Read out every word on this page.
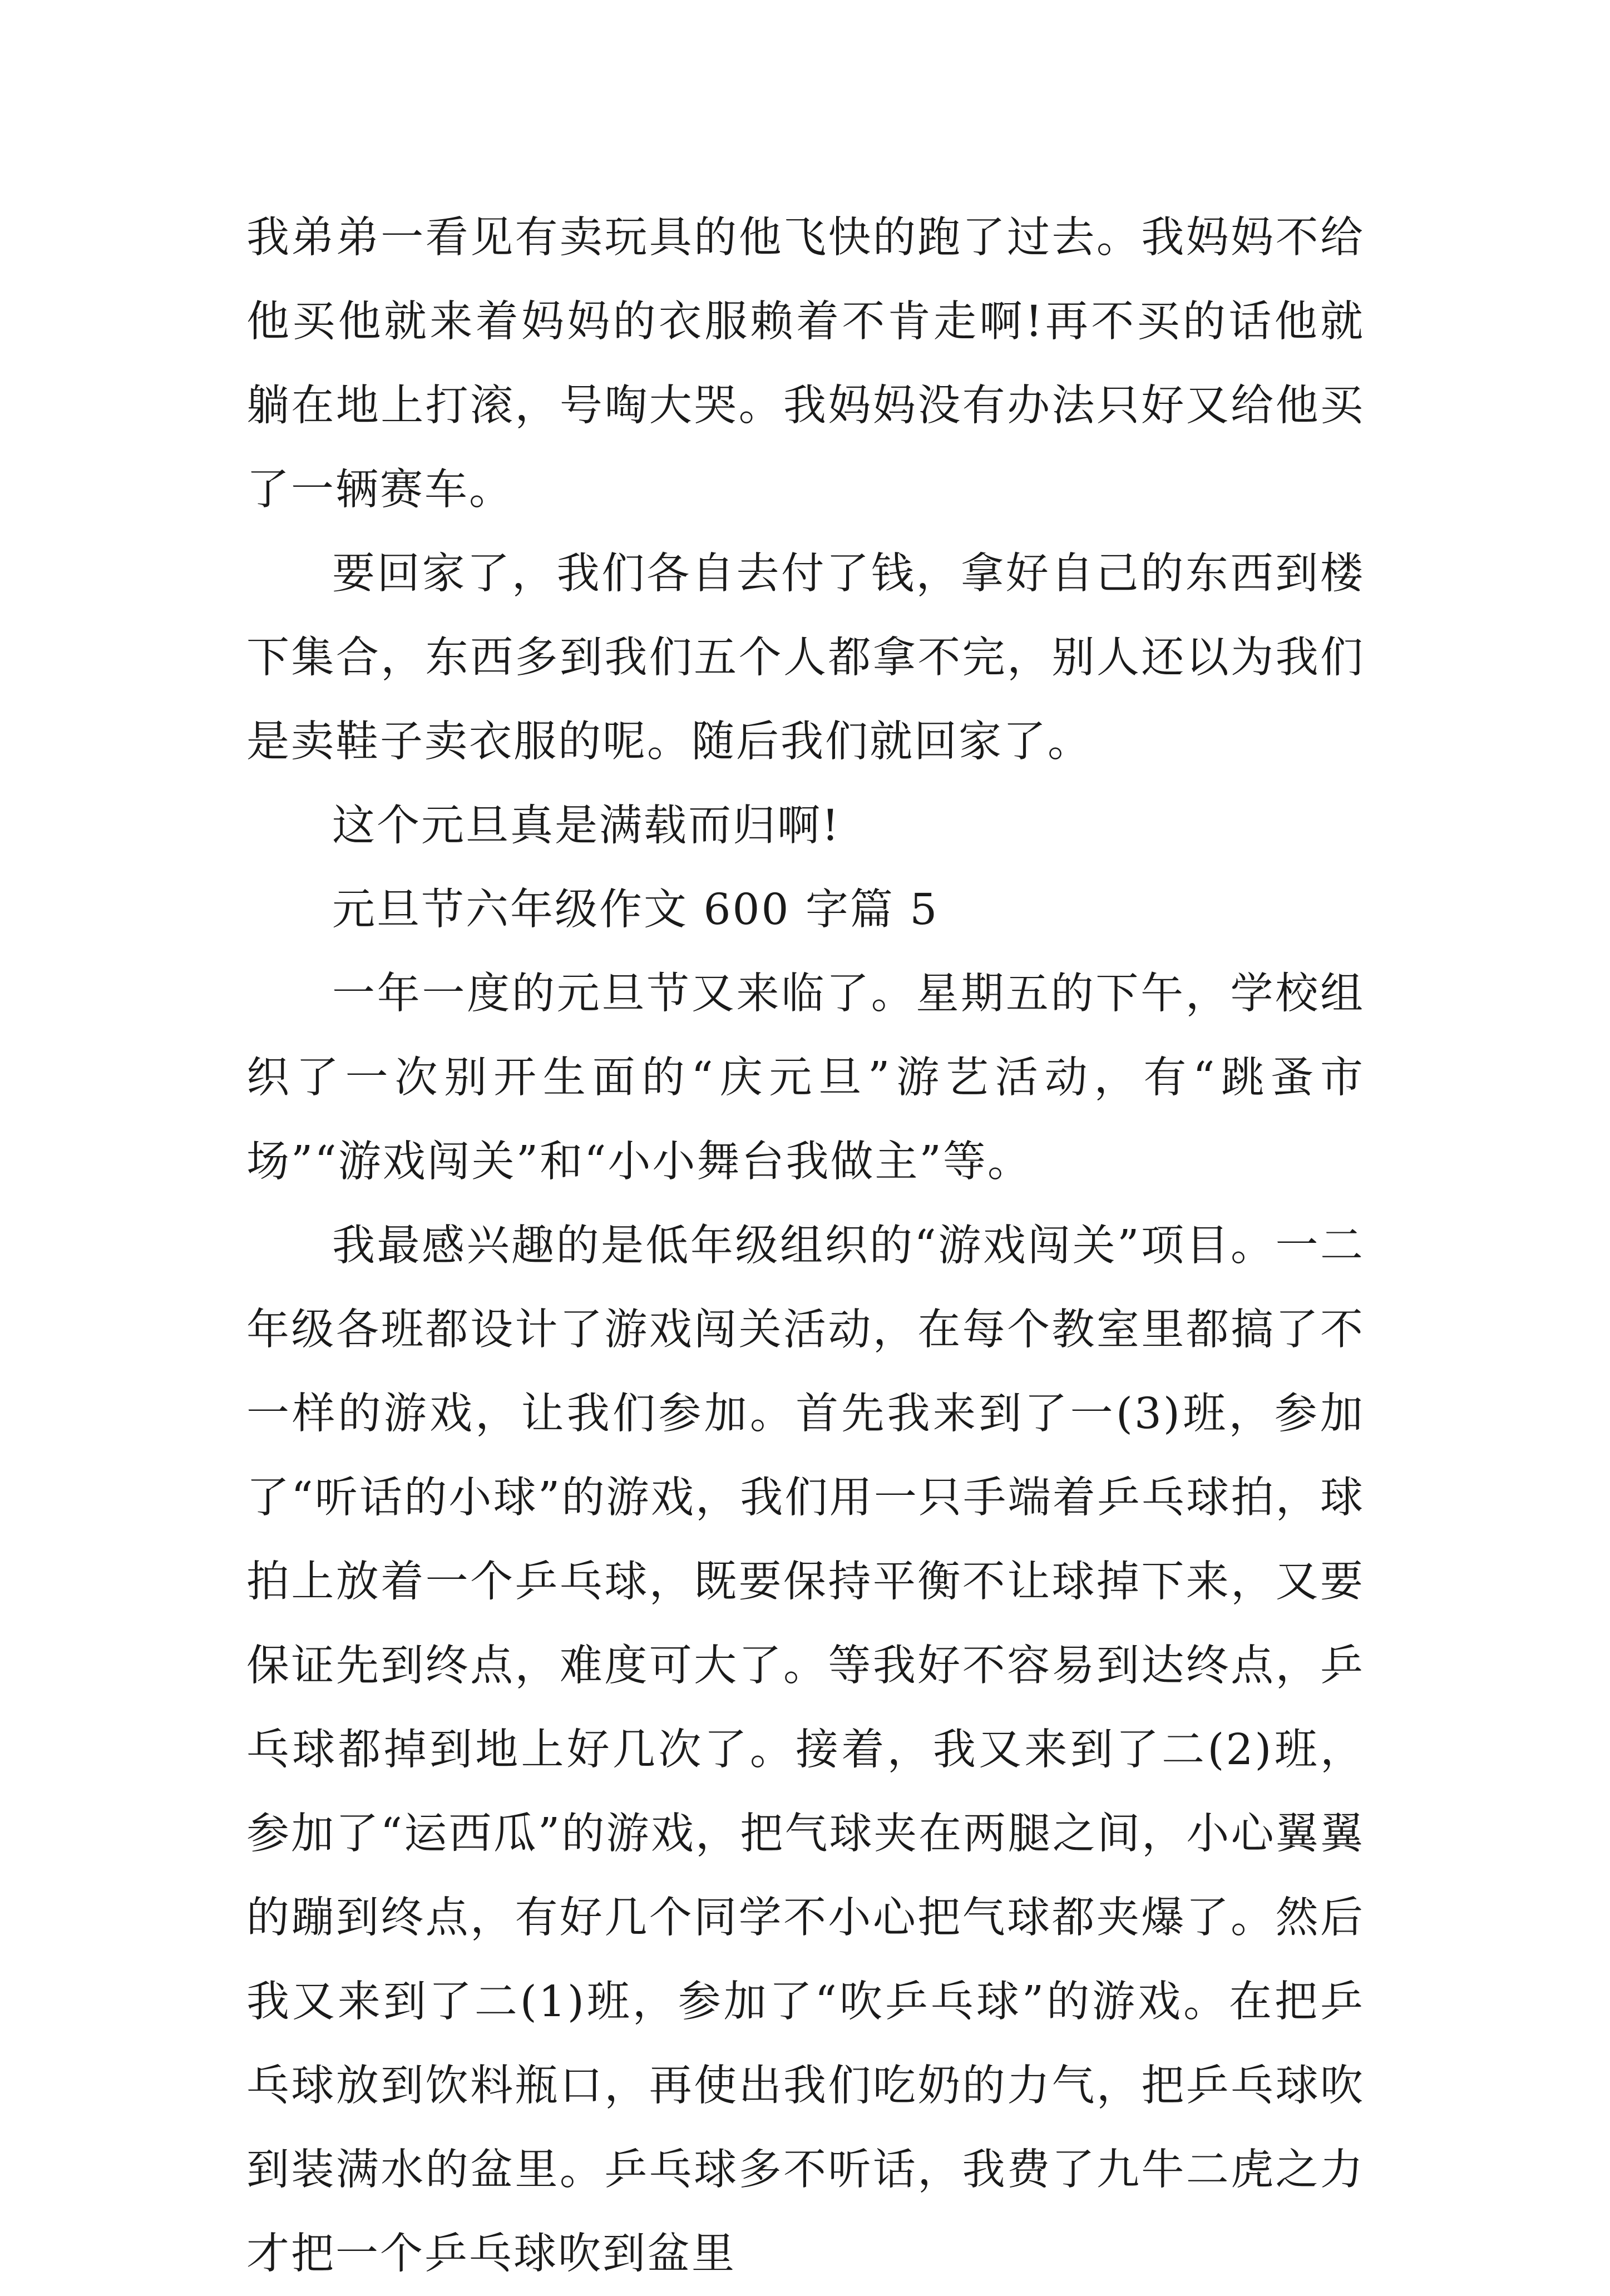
我弟弟一看见有卖玩具的他飞快的跑了过去。我妈妈不给他买他就来着妈妈的衣服赖着不肯走啊!再不买的话他就躺在地上打滚，号啕大哭。我妈妈没有办法只好又给他买了一辆赛车。

要回家了，我们各自去付了钱，拿好自己的东西到楼下集合，东西多到我们五个人都拿不完，别人还以为我们是卖鞋子卖衣服的呢。随后我们就回家了。

这个元旦真是满载而归啊!

元旦节六年级作文 600 字篇 5

一年一度的元旦节又来临了。星期五的下午，学校组织了一次别开生面的“庆元旦”游艺活动，有“跳蚤市场”“游戏闯关”和“小小舞台我做主”等。

我最感兴趣的是低年级组织的“游戏闯关”项目。一二年级各班都设计了游戏闯关活动，在每个教室里都搞了不一样的游戏，让我们参加。首先我来到了一(3)班，参加了“听话的小球”的游戏，我们用一只手端着乒乓球拍，球拍上放着一个乒乓球，既要保持平衡不让球掉下来，又要保证先到终点，难度可大了。等我好不容易到达终点，乒乓球都掉到地上好几次了。接着，我又来到了二(2)班，参加了“运西瓜”的游戏，把气球夹在两腿之间，小心翼翼的蹦到终点，有好几个同学不小心把气球都夹爆了。然后我又来到了二(1)班，参加了“吹乒乓球”的游戏。在把乒乓球放到饮料瓶口，再使出我们吃奶的力气，把乒乓球吹到装满水的盆里。乒乓球多不听话，我费了九牛二虎之力才把一个乒乓球吹到盆里
